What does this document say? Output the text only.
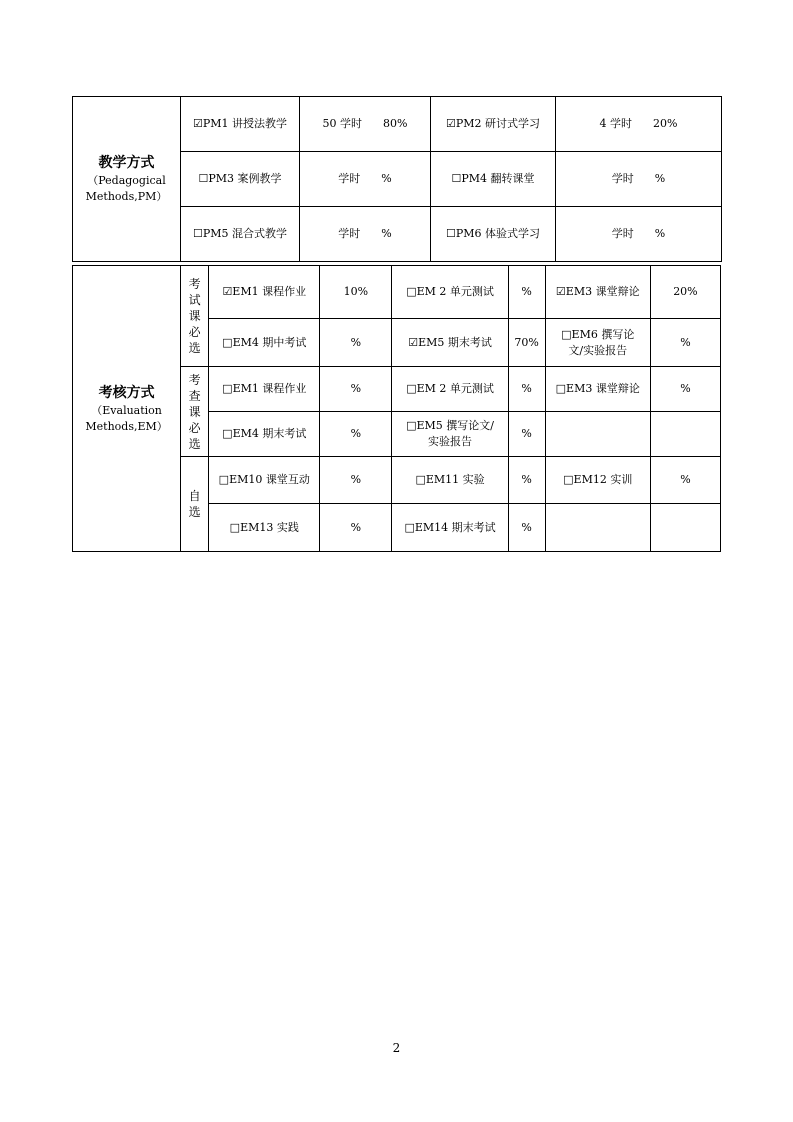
教学方式
（Pedagogical
Methods,PM）	☑PM1 讲授法教学	50 学时      80%	☑PM2 研讨式学习	4 学时      20%
	☐PM3 案例教学	学时      %	☐PM4 翻转课堂	学时      %
	☐PM5 混合式教学	学时      %	☐PM6 体验式学习	学时      %
考核方式
（Evaluation
Methods,EM）	考
试
课
必
选	☑EM1 课程作业	10%	□EM 2 单元测试	%	☑EM3 课堂辩论	20%
		□EM4 期中考试	%	☑EM5 期末考试	70%	□EM6 撰写论文/实验报告	%

	考
查
课
必
选	□EM1 课程作业	%	□EM 2 单元测试	%	□EM3 课堂辩论	%
		□EM4 期末考试	%	□EM5 撰写论文/实验报告	%		

	自
选	□EM10 课堂互动	%	□EM11 实验	%	□EM12 实训	%
		□EM13 实践	%	□EM14 期末考试	%		
2
